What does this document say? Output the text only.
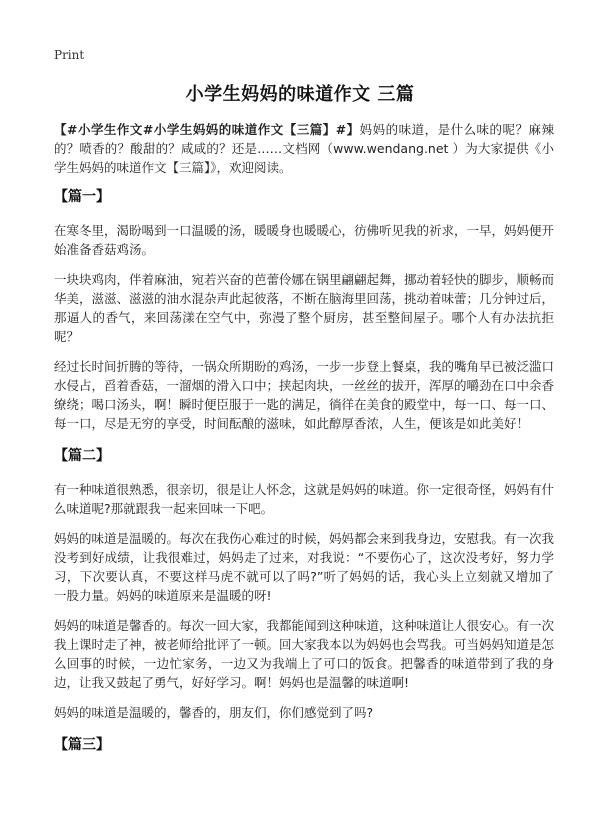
Print
小学生妈妈的味道作文 三篇

【#小学生作文#小学生妈妈的味道作文【三篇】#】妈妈的味道，是什么味的呢？麻辣的？喷香的？酸甜的？咸咸的？还是……文档网（www.wendang.net ）为大家提供《小学生妈妈的味道作文【三篇】》，欢迎阅读。

【篇一】

在寒冬里，渴盼喝到一口温暖的汤，暖暖身也暖暖心，彷佛听见我的祈求，一早，妈妈便开始准备香菇鸡汤。

一块块鸡肉，伴着麻油，宛若兴奋的芭蕾伶娜在锅里翩翩起舞，挪动着轻快的脚步，顺畅而华美，滋滋、滋滋的油水混杂声此起彼落，不断在脑海里回荡，挑动着味蕾；几分钟过后，那逼人的香气，来回荡漾在空气中，弥漫了整个厨房，甚至整间屋子。哪个人有办法抗拒呢？

经过长时间折腾的等待，一锅众所期盼的鸡汤，一步一步登上餐桌，我的嘴角早已被泛滥口水侵占，舀着香菇，一溜烟的滑入口中；挟起肉块，一丝丝的拔开，浑厚的嚼劲在口中余香缭绕；喝口汤头，啊！瞬时便臣服于一匙的满足，徜徉在美食的殿堂中，每一口、每一口、每一口，尽是无穷的享受，时间酝酿的滋味，如此醇厚香浓，人生，便该是如此美好！

【篇二】

有一种味道很熟悉，很亲切，很是让人怀念，这就是妈妈的味道。你一定很奇怪，妈妈有什么味道呢?那就跟我一起来回味一下吧。

妈妈的味道是温暖的。每次在我伤心难过的时候，妈妈都会来到我身边，安慰我。有一次我没考到好成绩，让我很难过，妈妈走了过来，对我说：“不要伤心了，这次没考好，努力学习，下次要认真，不要这样马虎不就可以了吗?”听了妈妈的话，我心头上立刻就又增加了一股力量。妈妈的味道原来是温暖的呀!

妈妈的味道是馨香的。每次一回大家，我都能闻到这种味道，这种味道让人很安心。有一次我上课时走了神，被老师给批评了一顿。回大家我本以为妈妈也会骂我。可当妈妈知道是怎么回事的时候，一边忙家务，一边又为我端上了可口的饭食。把馨香的味道带到了我的身边，让我又鼓起了勇气，好好学习。啊！妈妈也是温馨的味道啊!

妈妈的味道是温暖的，馨香的，朋友们，你们感觉到了吗?

【篇三】
